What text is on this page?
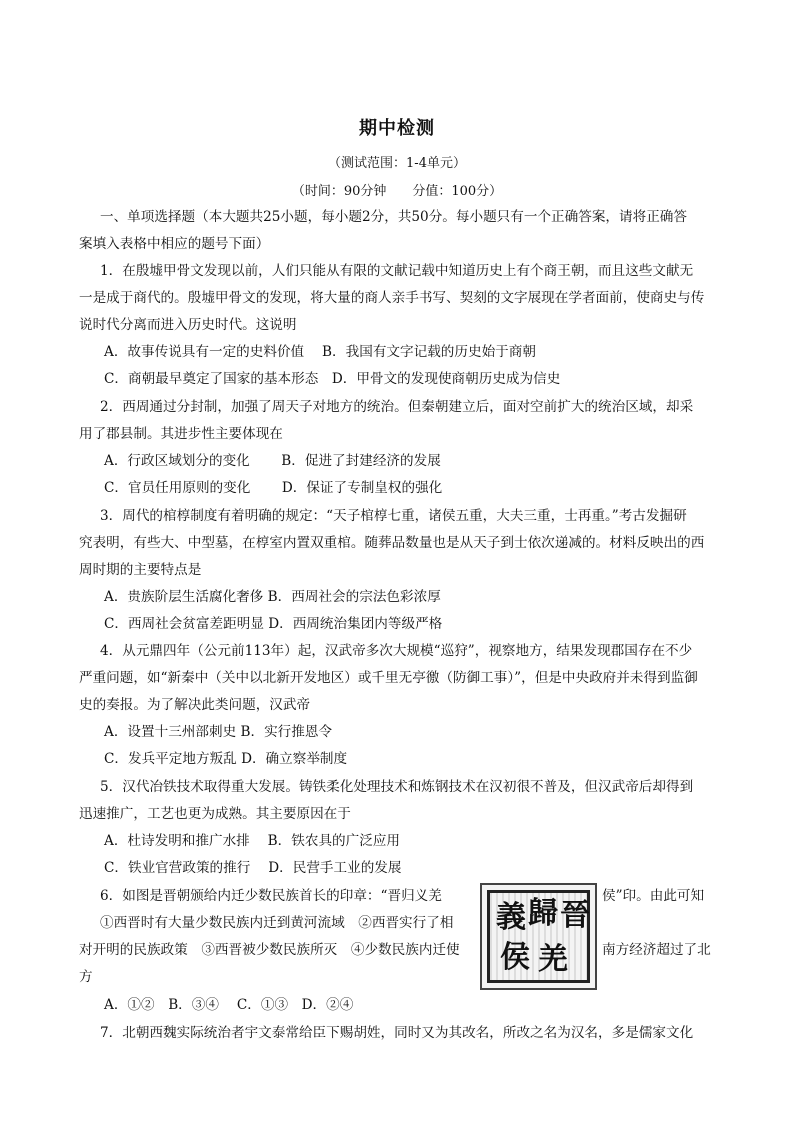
期中检测
（测试范围：1-4单元）
（时间：90分钟　　分值：100分）
一、单项选择题（本大题共25小题，每小题2分，共50分。每小题只有一个正确答案，请将正确答
案填入表格中相应的题号下面）
1．在殷墟甲骨文发现以前，人们只能从有限的文献记载中知道历史上有个商王朝，而且这些文献无
一是成于商代的。殷墟甲骨文的发现，将大量的商人亲手书写、契刻的文字展现在学者面前，使商史与传
说时代分离而进入历史时代。这说明
A．故事传说具有一定的史料价值　 B．我国有文字记载的历史始于商朝
C．商朝最早奠定了国家的基本形态　D．甲骨文的发现使商朝历史成为信史
2．西周通过分封制，加强了周天子对地方的统治。但秦朝建立后，面对空前扩大的统治区域，却采
用了郡县制。其进步性主要体现在
A．行政区域划分的变化　　 B．促进了封建经济的发展
C．官员任用原则的变化　　 D．保证了专制皇权的强化
3．周代的棺椁制度有着明确的规定：“天子棺椁七重，诸侯五重，大夫三重，士再重。”考古发掘研
究表明，有些大、中型墓，在椁室内置双重棺。随葬品数量也是从天子到士依次递减的。材料反映出的西
周时期的主要特点是
A．贵族阶层生活腐化奢侈 B．西周社会的宗法色彩浓厚
C．西周社会贫富差距明显 D．西周统治集团内等级严格
4．从元鼎四年（公元前113年）起，汉武帝多次大规模“巡狩”，视察地方，结果发现郡国存在不少
严重问题，如“新秦中（关中以北新开发地区）或千里无亭徼（防御工事）”，但是中央政府并未得到监御
史的奏报。为了解决此类问题，汉武帝
A．设置十三州部刺史 B．实行推恩令
C．发兵平定地方叛乱 D．确立察举制度
5．汉代冶铁技术取得重大发展。铸铁柔化处理技术和炼钢技术在汉初很不普及，但汉武帝后却得到
迅速推广，工艺也更为成熟。其主要原因在于
A．杜诗发明和推广水排　 B．铁农具的广泛应用
C．铁业官营政策的推行　 D．民营手工业的发展
6．如图是晋朝颁给内迁少数民族首长的印章：“晋归义羌	侯”印。由此可知
①西晋时有大量少数民族内迁到黄河流域　②西晋实行了相
对开明的民族政策　③西晋被少数民族所灭　④少数民族内迁使	南方经济超过了北
方
A．①②　B．③④　 C．①③　D．②④
義 歸 晉
侯 羌
7．北朝西魏实际统治者宇文泰常给臣下赐胡姓，同时又为其改名，所改之名为汉名，多是儒家文化
